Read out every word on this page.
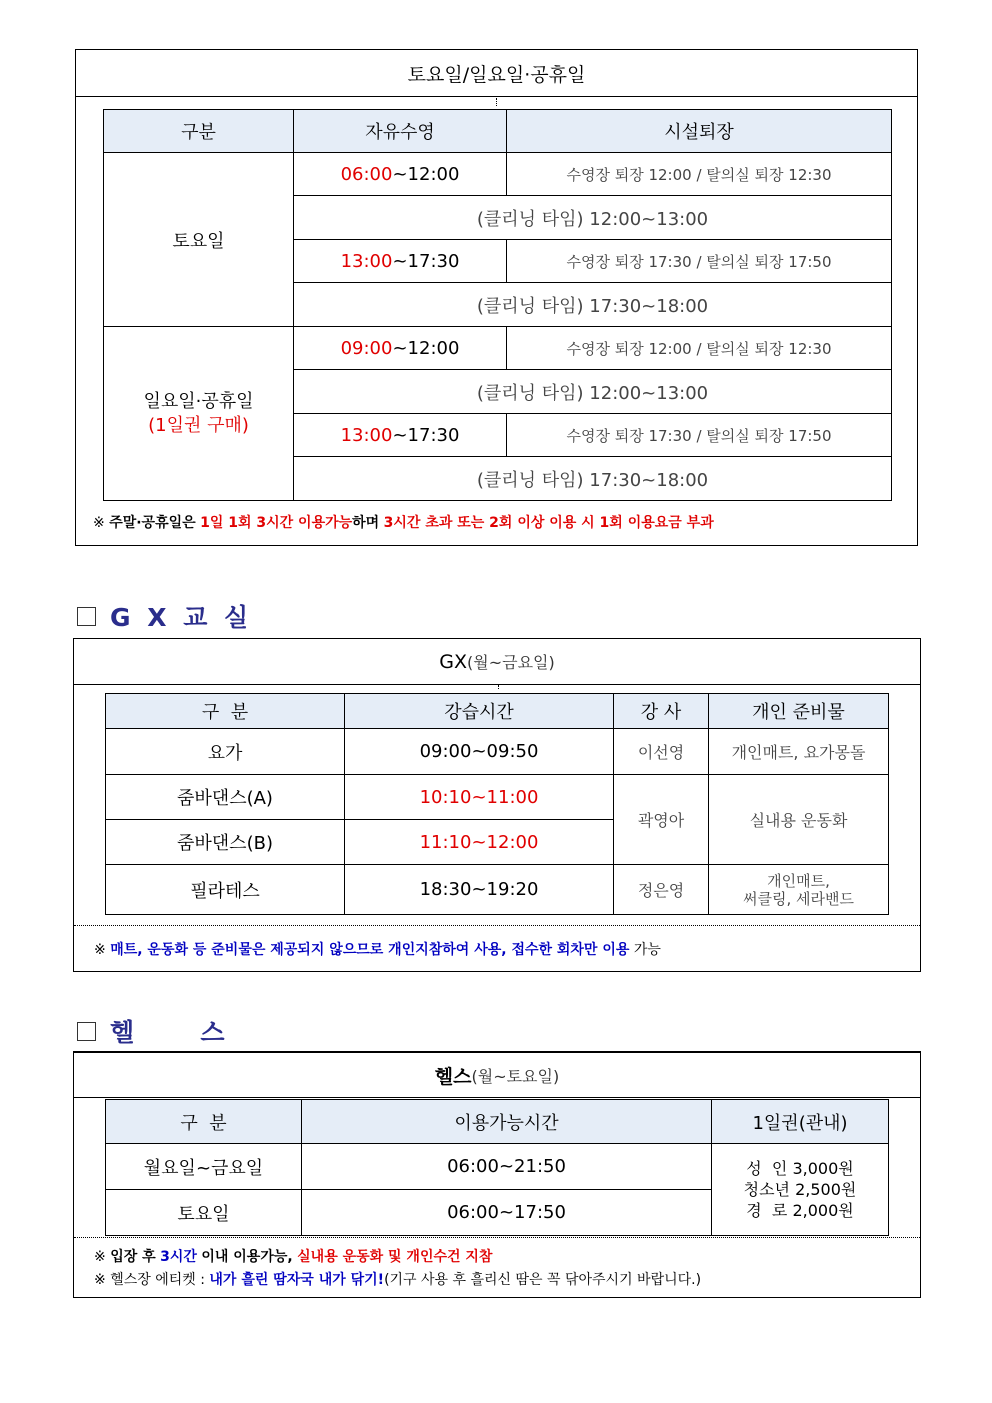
토요일/일요일·공휴일
구분	자유수영	시설퇴장
토요일	06:00~12:00	수영장 퇴장 12:00 / 탈의실 퇴장 12:30
	(클리닝 타임) 12:00~13:00	
	13:00~17:30	수영장 퇴장 17:30 / 탈의실 퇴장 17:50
	(클리닝 타임) 17:30~18:00	

일요일·공휴일
(1일권 구매)	09:00~12:00	수영장 퇴장 12:00 / 탈의실 퇴장 12:30
	(클리닝 타임) 12:00~13:00	
	13:00~17:30	수영장 퇴장 17:30 / 탈의실 퇴장 17:50
	(클리닝 타임) 17:30~18:00	
※ 주말·공휴일은 1일 1회 3시간 이용가능하며 3시간 초과 또는 2회 이상 이용 시 1회 이용요금 부과
G X 교 실
GX (월~금요일)
구  분	강습시간	강 사	개인 준비물
요가	09:00~09:50	이선영	개인매트, 요가몽돌
줌바댄스(A)	10:10~11:00	곽영아	실내용 운동화
줌바댄스(B)	11:10~12:00		
필라테스	18:30~19:20	정은영	개인매트,
써클링, 세라밴드
※ 매트, 운동화 등 준비물은 제공되지 않으므로 개인지참하여 사용, 접수한 회차만 이용 가능
헬      스
헬스 (월~토요일)
구  분	이용가능시간	1일권(관내)
월요일~금요일	06:00~21:50	성  인 3,000원
청소년 2,500원
경  로 2,000원

토요일	06:00~17:50	
※ 입장 후 3시간 이내 이용가능, 실내용 운동화 및 개인수건 지참
※ 헬스장 에티켓 : 내가 흘린 땀자국 내가 닦기!(기구 사용 후 흘리신 땀은 꼭 닦아주시기 바랍니다.)
